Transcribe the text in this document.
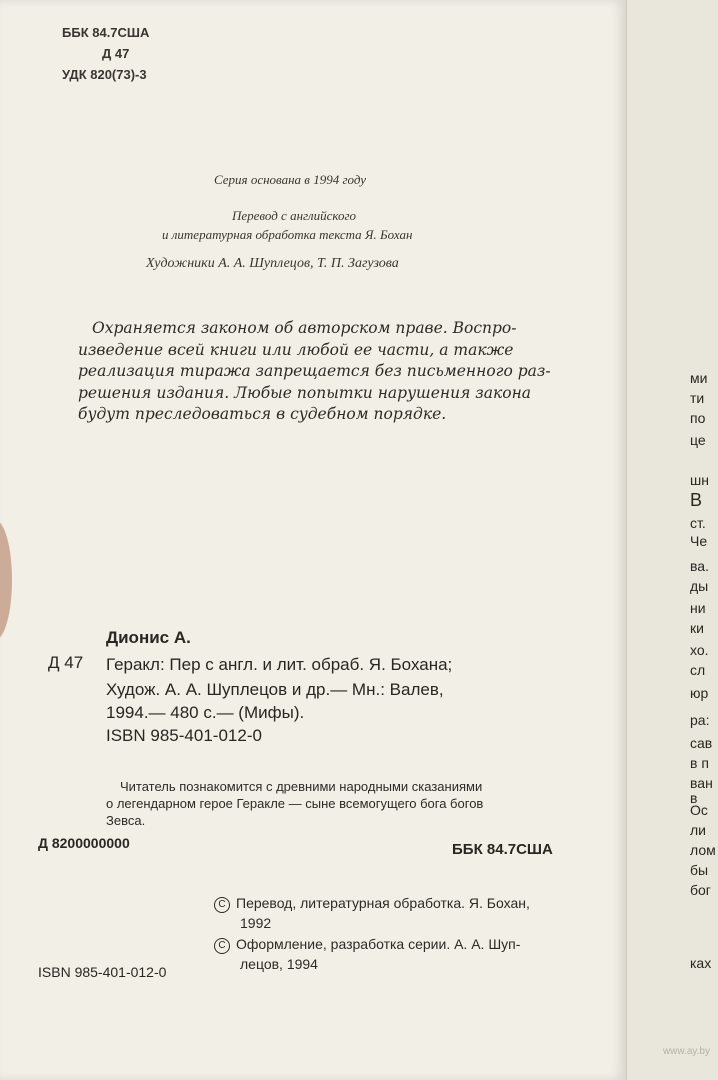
ББК 84.7США
Д 47
УДК 820(73)-3
Серия основана в 1994 году
Перевод с английского
и литературная обработка текста Я. Бохан
Художники А. А. Шуплецов, Т. П. Загузова
Охраняется законом об авторском праве. Воспро-
изведение всей книги или любой ее части, а также
реализация тиража запрещается без письменного раз-
решения издания. Любые попытки нарушения закона
будут преследоваться в судебном порядке.
Дионис А.
Д 47 Геракл: Пер с англ. и лит. обраб. Я. Бохана;
Худож. А. А. Шуплецов и др.— Мн.: Валев,
1994.— 480 с.— (Мифы).
ISBN 985-401-012-0
Читатель познакомится с древними народными сказаниями
о легендарном герое Геракле — сыне всемогущего бога богов
Зевса.
Д 8200000000	ББК 84.7США
C Перевод, литературная обработка. Я. Бохан,
1992
C Оформление, разработка серии. А. А. Шуп-
лецов, 1994
ISBN 985-401-012-0
ми
ти
по
це
шн
В
ст.
Че
ва.
ды
ни
ки
хо.
сл
юр
ра:
сав
в п
ван
в
Ос
ли
лом
бы
бог
ках
www.ay.by
